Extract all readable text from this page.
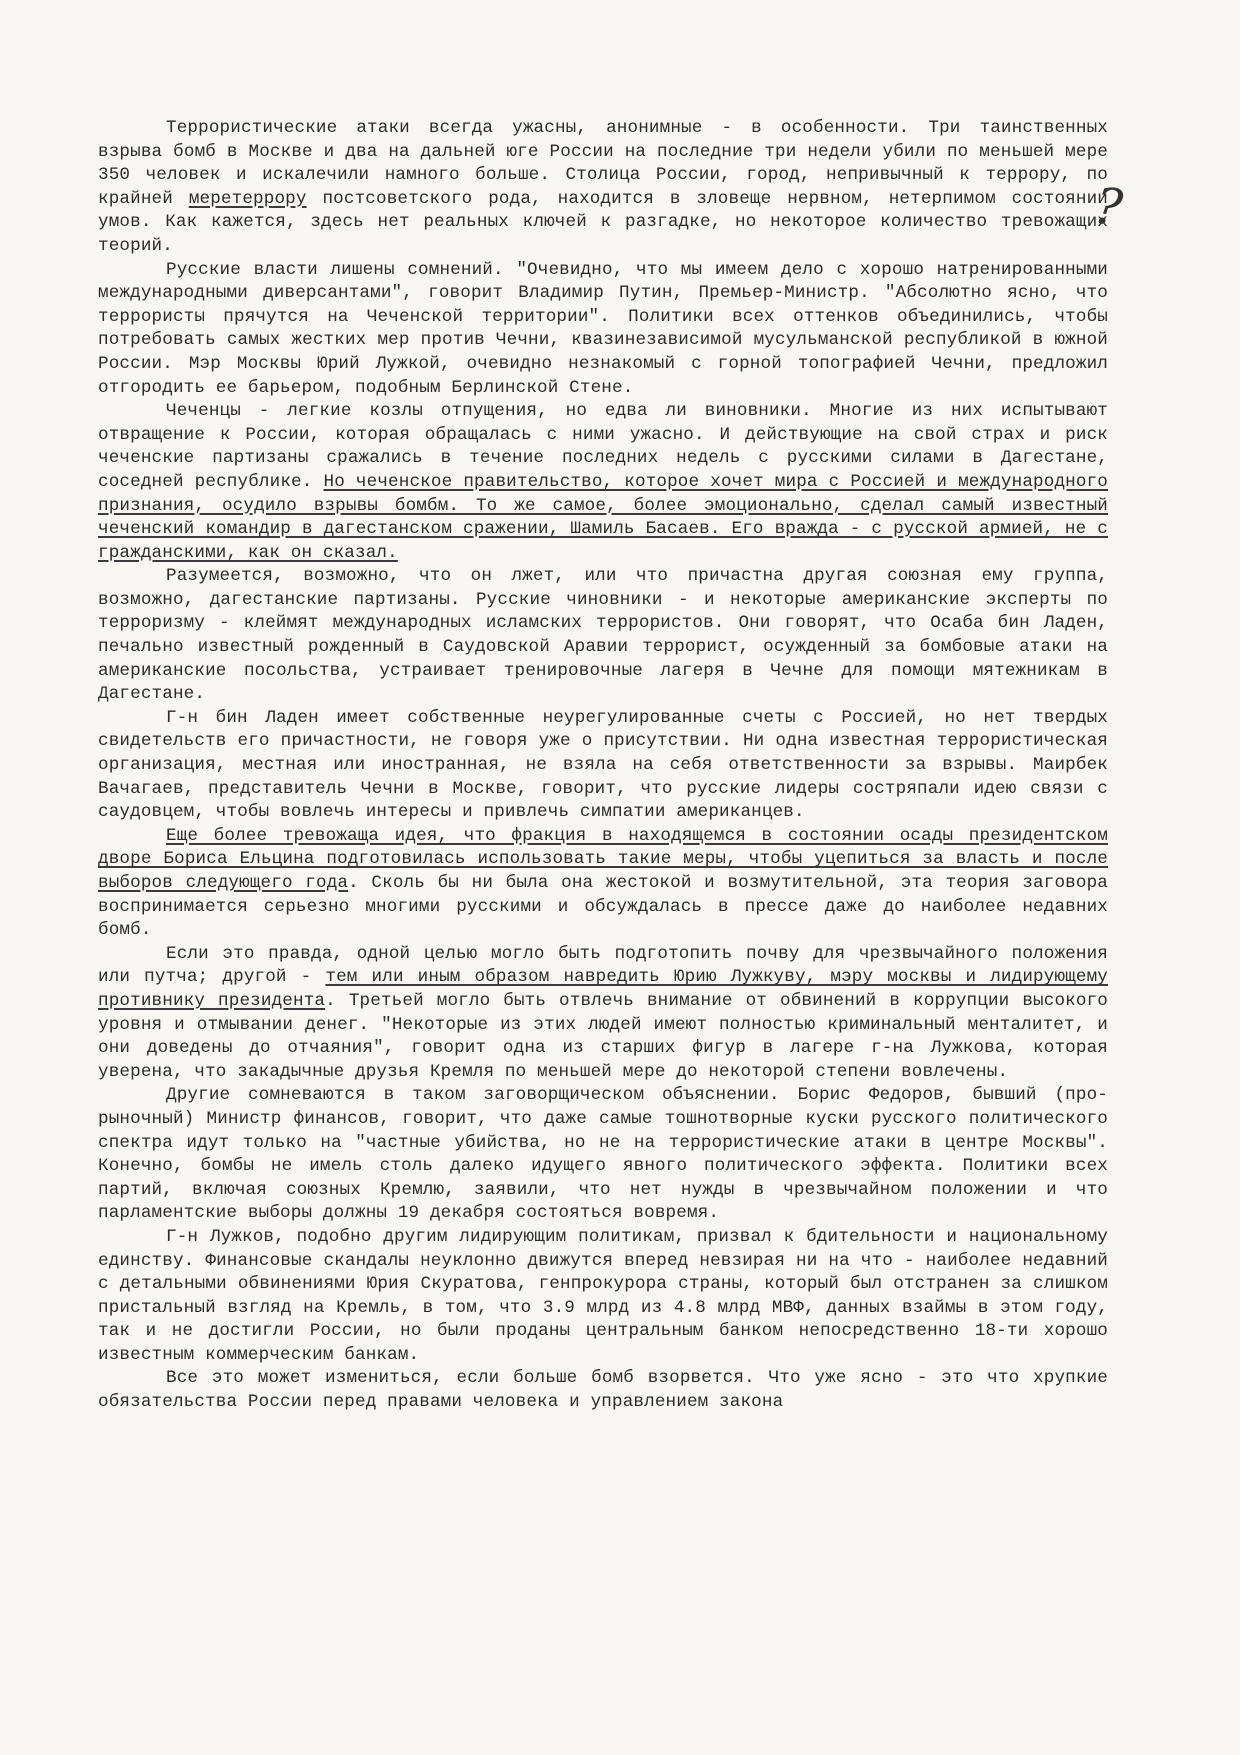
Террористические атаки всегда ужасны, анонимные - в особенности. Три таинственных взрыва бомб в Москве и два на дальней юге России на последние три недели убили по меньшей мере 350 человек и искалечили намного больше. Столица России, город, непривычный к террору, по крайней меретеррору постсоветского рода, находится в зловеще нервном, нетерпимом состоянии умов. Как кажется, здесь нет реальных ключей к разгадке, но некоторое количество тревожащих теорий.

Русские власти лишены сомнений. "Очевидно, что мы имеем дело с хорошо натренированными международными диверсантами", говорит Владимир Путин, Премьер-Министр. "Абсолютно ясно, что террористы прячутся на Чеченской территории". Политики всех оттенков объединились, чтобы потребовать самых жестких мер против Чечни, квазинезависимой мусульманской республикой в южной России. Мэр Москвы Юрий Лужкой, очевидно незнакомый с горной топографией Чечни, предложил отгородить ее барьером, подобным Берлинской Стене.

Чеченцы - легкие козлы отпущения, но едва ли виновники. Многие из них испытывают отвращение к России, которая обращалась с ними ужасно. И действующие на свой страх и риск чеченские партизаны сражались в течение последних недель с русскими силами в Дагестане, соседней республике. Но чеченское правительство, которое хочет мира с Россией и международного признания, осудило взрывы бомбм. То же самое, более эмоционально, сделал самый известный чеченский командир в дагестанском сражении, Шамиль Басаев. Его вражда - с русской армией, не с гражданскими, как он сказал.

Разумеется, возможно, что он лжет, или что причастна другая союзная ему группа, возможно, дагестанские партизаны. Русские чиновники - и некоторые американские эксперты по терроризму - клеймят международных исламских террористов. Они говорят, что Осаба бин Ладен, печально известный рожденный в Саудовской Аравии террорист, осужденный за бомбовые атаки на американские посольства, устраивает тренировочные лагеря в Чечне для помощи мятежникам в Дагестане.

Г-н бин Ладен имеет собственные неурегулированные счеты с Россией, но нет твердых свидетельств его причастности, не говоря уже о присутствии. Ни одна известная террористическая организация, местная или иностранная, не взяла на себя ответственности за взрывы. Маирбек Вачагаев, представитель Чечни в Москве, говорит, что русские лидеры состряпали идею связи с саудовцем, чтобы вовлечь интересы и привлечь симпатии американцев.

Еще более тревожаща идея, что фракция в находящемся в состоянии осады президентском дворе Бориса Ельцина подготовилась использовать такие меры, чтобы уцепиться за власть и после выборов следующего года. Сколь бы ни была она жестокой и возмутительной, эта теория заговора воспринимается серьезно многими русскими и обсуждалась в прессе даже до наиболее недавних бомб.

Если это правда, одной целью могло быть подготопить почву для чрезвычайного положения или путча; другой - тем или иным образом навредить Юрию Лужкуву, мэру москвы и лидирующему противнику президента. Третьей могло быть отвлечь внимание от обвинений в коррупции высокого уровня и отмывании денег. "Некоторые из этих людей имеют полностью криминальный менталитет, и они доведены до отчаяния", говорит одна из старших фигур в лагере г-на Лужкова, которая уверена, что закадычные друзья Кремля по меньшей мере до некоторой степени вовлечены.

Другие сомневаются в таком заговорщическом объяснении. Борис Федоров, бывший (про-рыночный) Министр финансов, говорит, что даже самые тошнотворные куски русского политического спектра идут только на "частные убийства, но не на террористические атаки в центре Москвы". Конечно, бомбы не имель столь далеко идущего явного политического эффекта. Политики всех партий, включая союзных Кремлю, заявили, что нет нужды в чрезвычайном положении и что парламентские выборы должны 19 декабря состояться вовремя.

Г-н Лужков, подобно другим лидирующим политикам, призвал к бдительности и национальному единству. Финансовые скандалы неуклонно движутся вперед невзирая ни на что - наиболее недавний с детальными обвинениями Юрия Скуратова, генпрокурора страны, который был отстранен за слишком пристальный взгляд на Кремль, в том, что 3.9 млрд из 4.8 млрд МВФ, данных взаймы в этом году, так и не достигли России, но были проданы центральным банком непосредственно 18-ти хорошо известным коммерческим банкам.

Все это может измениться, если больше бомб взорвется. Что уже ясно - это что хрупкие обязательства России перед правами человека и управлением закона

?
